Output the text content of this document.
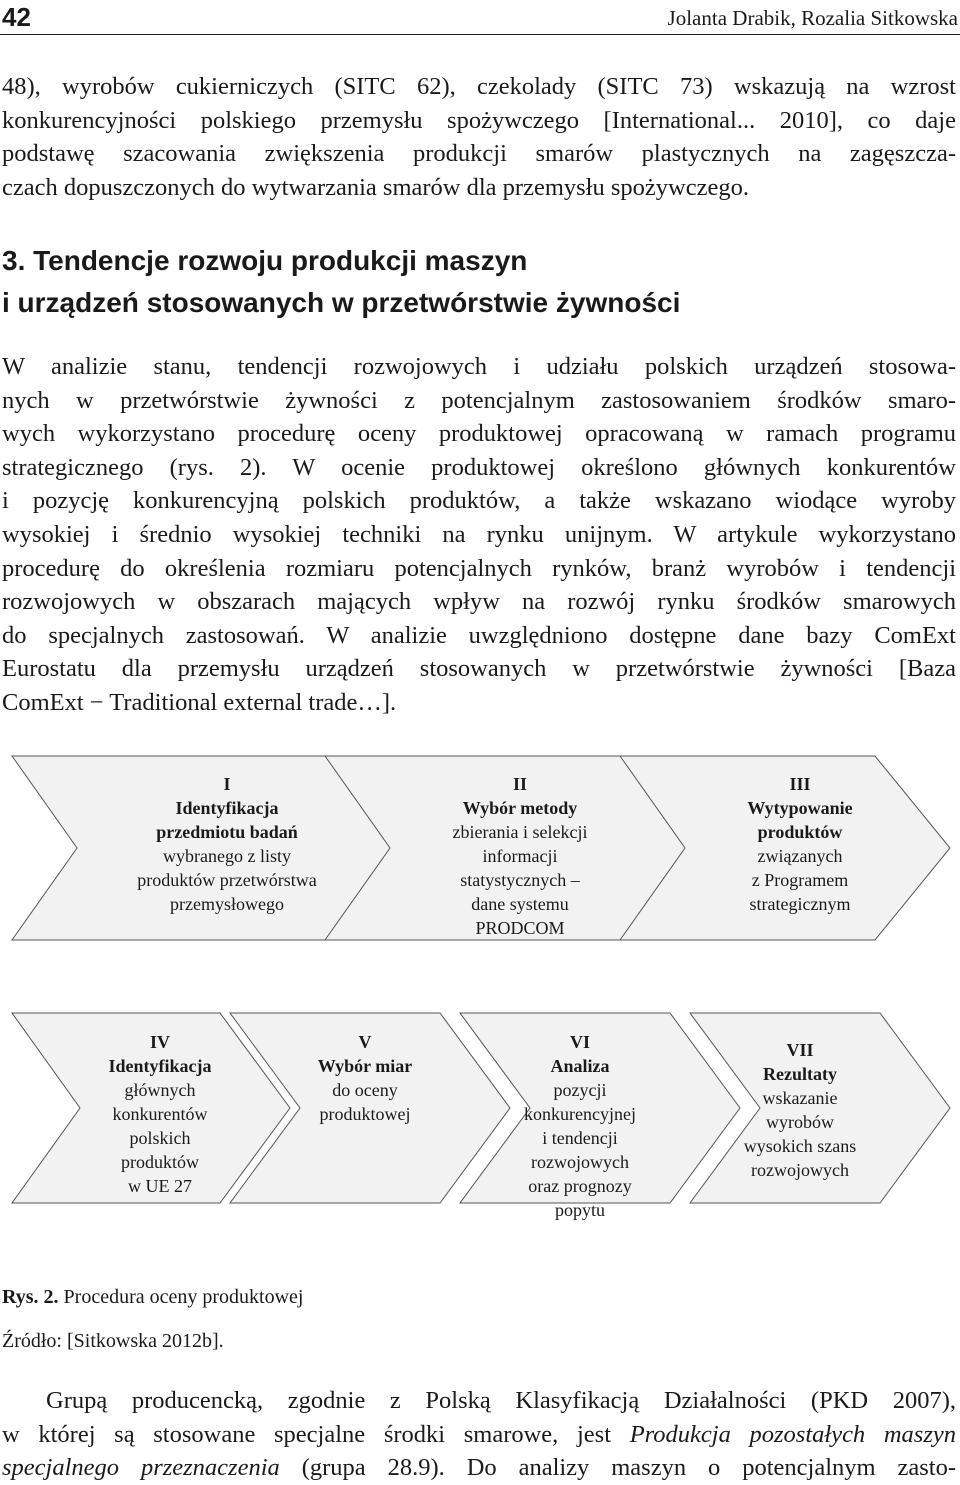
42	Jolanta Drabik, Rozalia Sitkowska
48), wyrobów cukierniczych (SITC 62), czekolady (SITC 73) wskazują na wzrost
konkurencyjności polskiego przemysłu spożywczego [International... 2010], co daje
podstawę szacowania zwiększenia produkcji smarów plastycznych na zagęszcza-
czach dopuszczonych do wytwarzania smarów dla przemysłu spożywczego.
3. Tendencje rozwoju produkcji maszyn
i urządzeń stosowanych w przetwórstwie żywności
W analizie stanu, tendencji rozwojowych i udziału polskich urządzeń stosowa-
nych w przetwórstwie żywności z potencjalnym zastosowaniem środków smaro-
wych wykorzystano procedurę oceny produktowej opracowaną w ramach programu
strategicznego (rys. 2). W ocenie produktowej określono głównych konkurentów
i pozycję konkurencyjną polskich produktów, a także wskazano wiodące wyroby
wysokiej i średnio wysokiej techniki na rynku unijnym. W artykule wykorzystano
procedurę do określenia rozmiaru potencjalnych rynków, branż wyrobów i tendencji
rozwojowych w obszarach mających wpływ na rozwój rynku środków smarowych
do specjalnych zastosowań. W analizie uwzględniono dostępne dane bazy ComExt
Eurostatu dla przemysłu urządzeń stosowanych w przetwórstwie żywności [Baza
ComExt − Traditional external trade…].
I
Identyfikacja
przedmiotu badań
wybranego z listy
produktów przetwórstwa
przemysłowego
II
Wybór metody
zbierania i selekcji
informacji
statystycznych –
dane systemu
PRODCOM
III
Wytypowanie
produktów
związanych
z Programem
strategicznym
IV
Identyfikacja
głównych
konkurentów
polskich
produktów
w UE 27
V
Wybór miar
do oceny
produktowej
VI
Analiza
pozycji
konkurencyjnej
i tendencji
rozwojowych
oraz prognozy
popytu
VII
Rezultaty
wskazanie
wyrobów
wysokich szans
rozwojowych
Rys. 2. Procedura oceny produktowej
Źródło: [Sitkowska 2012b].
Grupą producencką, zgodnie z Polską Klasyfikacją Działalności (PKD 2007),
w której są stosowane specjalne środki smarowe, jest Produkcja pozostałych maszyn
specjalnego przeznaczenia (grupa 28.9). Do analizy maszyn o potencjalnym zasto-
